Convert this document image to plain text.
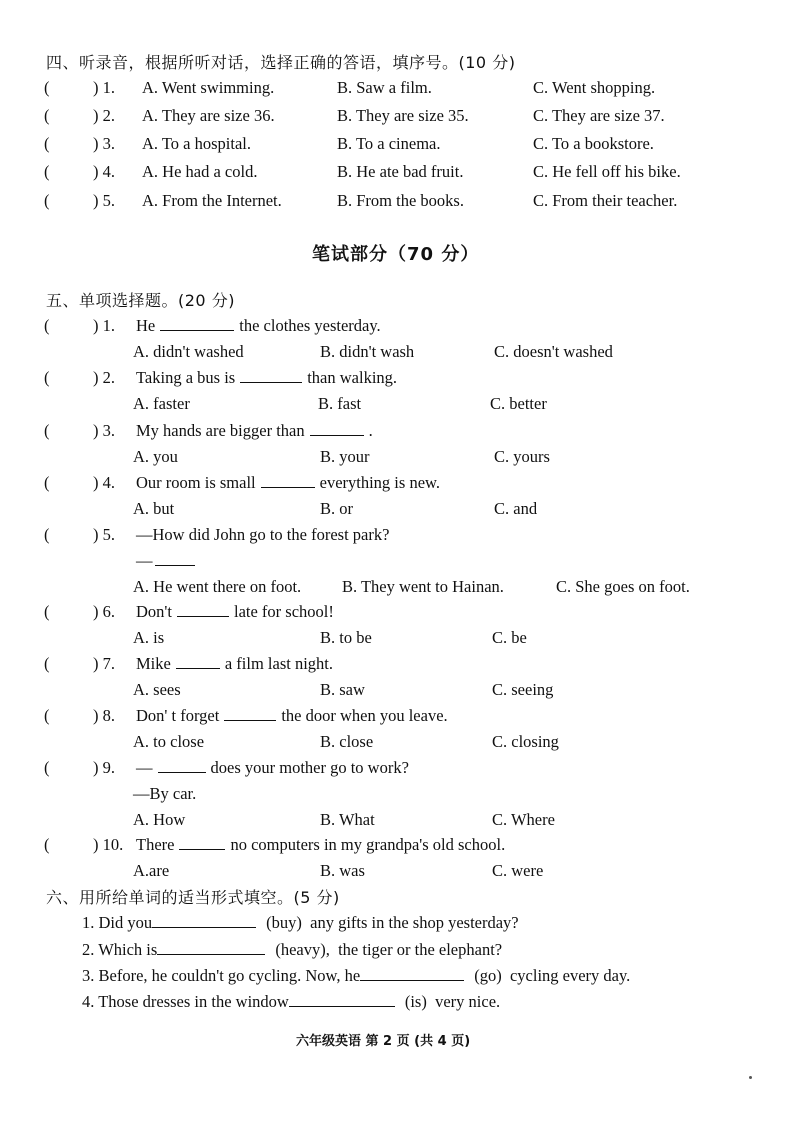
四、听录音，根据所听对话，选择正确的答语，填序号。(10 分)
(	) 1. A. Went swimming.	B. Saw a film.	C. Went shopping.
(	) 2. A. They are size 36.	B. They are size 35.	C. They are size 37.
(	) 3. A. To a hospital.	B. To a cinema.	C. To a bookstore.
(	) 4. A. He had a cold.	B. He ate bad fruit.	C. He fell off his bike.
(	) 5. A. From the Internet.	B. From the books.	C. From their teacher.
笔试部分（70 分）
五、单项选择题。(20 分)
(	) 1. He	the clothes yesterday.
A. didn't washed	B. didn't wash	C. doesn't washed
(	) 2. Taking a bus is	than walking.
A. faster	B. fast	C. better
(	) 3. My hands are bigger than	.
A. you	B. your	C. yours
(	) 4. Our room is small	everything is new.
A. but	B. or	C. and
(	) 5. —How did John go to the forest park?
A. He went there on foot. B. They went to Hainan.	C. She goes on foot.
(	) 6. Don't	late for school!
A. is	B. to be	C. be
(	) 7. Mike	a film last night.
A. sees	B. saw	C. seeing
(	) 8. Don' t forget	the door when you leave.
A. to close	B. close	C. closing
(	) 9. —	does your mother go to work?
A. How	B. What	C. Where
(	) 10. There	no computers in my grandpa's old school.
A.are	B. was	C. were
—
—By car.
六、用所给单词的适当形式填空。(5 分)
1. Did you	(buy) any gifts in the shop yesterday?
2. Which is	(heavy), the tiger or the elephant?
3. Before, he couldn't go cycling. Now, he	(go) cycling every day.
4. Those dresses in the window	(is) very nice.
六年级英语 第 2 页 (共 4 页)
